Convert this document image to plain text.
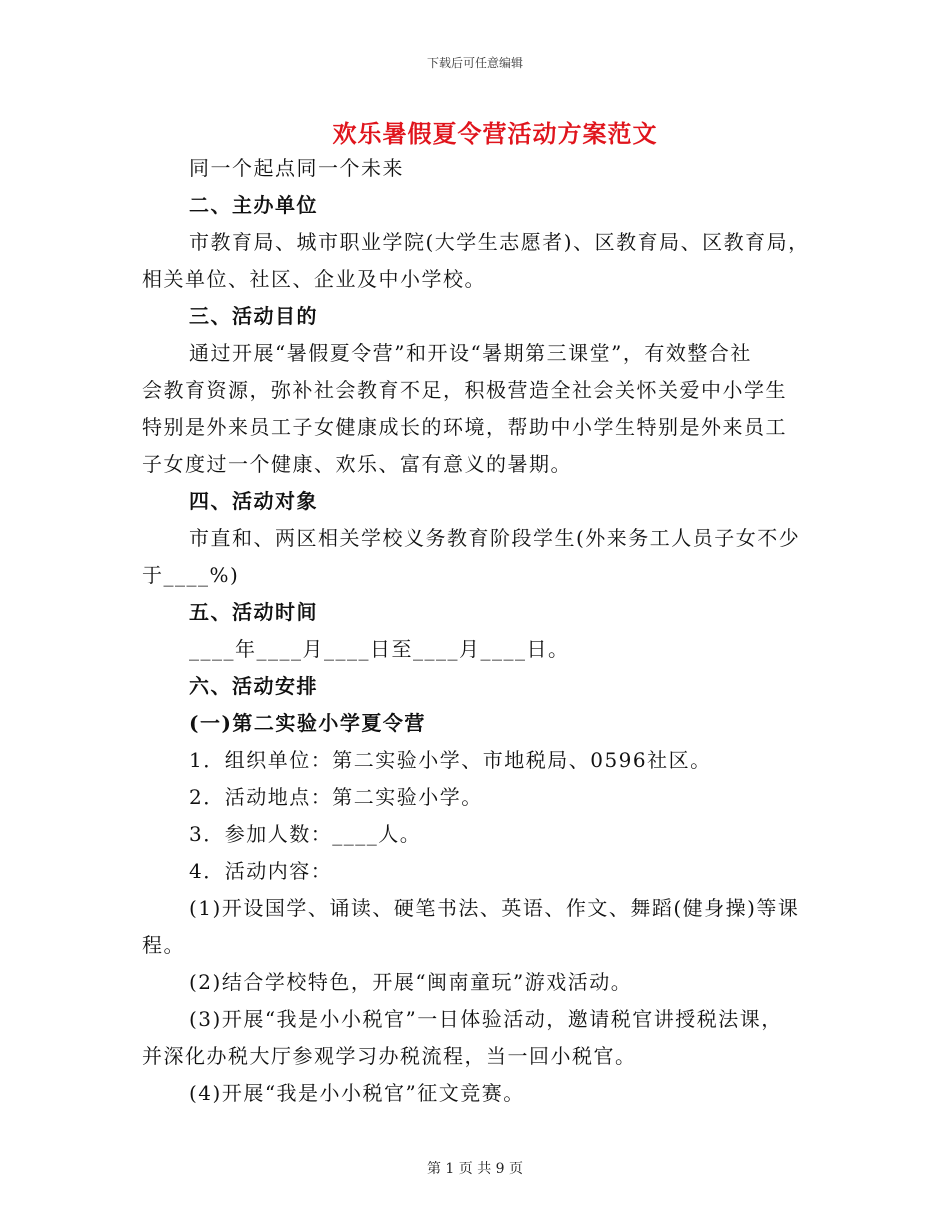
下载后可任意编辑
欢乐暑假夏令营活动方案范文
同一个起点同一个未来
二、主办单位
市教育局、城市职业学院(大学生志愿者)、区教育局、区教育局，
相关单位、社区、企业及中小学校。
三、活动目的
通过开展“暑假夏令营”和开设“暑期第三课堂”，有效整合社
会教育资源，弥补社会教育不足，积极营造全社会关怀关爱中小学生
特别是外来员工子女健康成长的环境，帮助中小学生特别是外来员工
子女度过一个健康、欢乐、富有意义的暑期。
四、活动对象
市直和、两区相关学校义务教育阶段学生(外来务工人员子女不少
于____%)
五、活动时间
____年____月____日至____月____日。
六、活动安排
(一)第二实验小学夏令营
1．组织单位：第二实验小学、市地税局、0596社区。
2．活动地点：第二实验小学。
3．参加人数：____人。
4．活动内容：
(1)开设国学、诵读、硬笔书法、英语、作文、舞蹈(健身操)等课
程。
(2)结合学校特色，开展“闽南童玩”游戏活动。
(3)开展“我是小小税官”一日体验活动，邀请税官讲授税法课，
并深化办税大厅参观学习办税流程，当一回小税官。
(4)开展“我是小小税官”征文竞赛。
第 1 页 共 9 页
